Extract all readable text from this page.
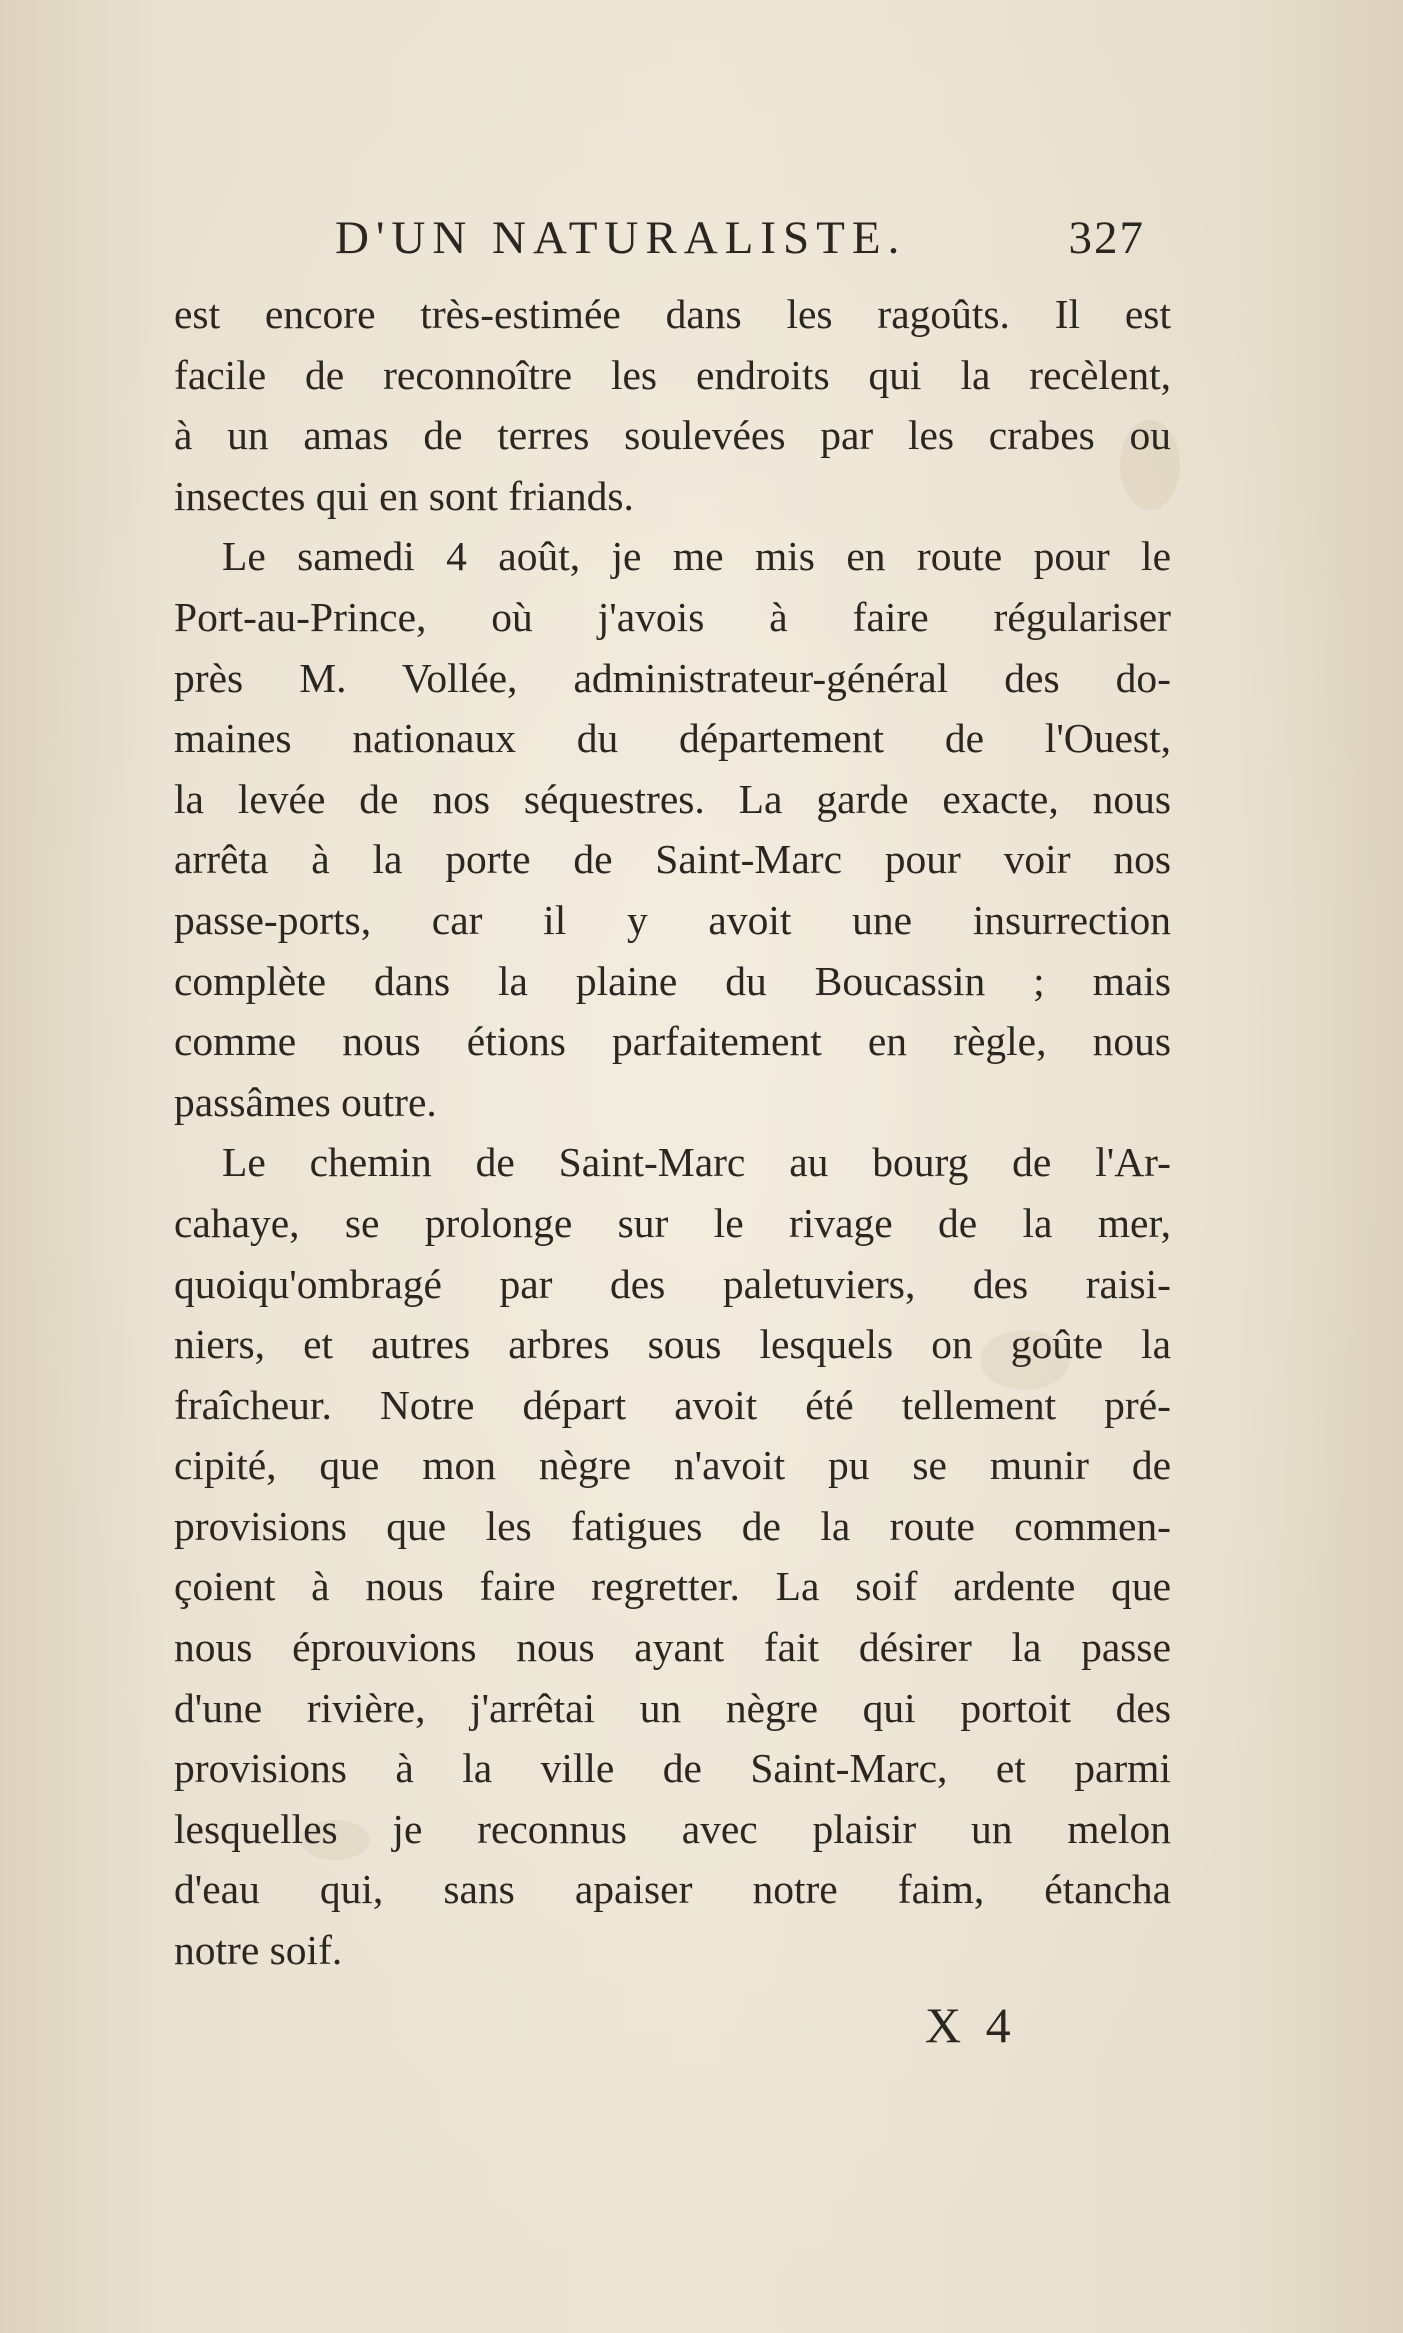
D'UN NATURALISTE.	327
est encore très-estimée dans les ragoûts. Il est
facile de reconnoître les endroits qui la recèlent,
à un amas de terres soulevées par les crabes ou
insectes qui en sont friands.
Le samedi 4 août, je me mis en route pour le
Port-au-Prince, où j'avois à faire régulariser
près M. Vollée, administrateur-général des do-
maines nationaux du département de l'Ouest,
la levée de nos séquestres. La garde exacte, nous
arrêta à la porte de Saint-Marc pour voir nos
passe-ports, car il y avoit une insurrection
complète dans la plaine du Boucassin ; mais
comme nous étions parfaitement en règle, nous
passâmes outre.
Le chemin de Saint-Marc au bourg de l'Ar-
cahaye, se prolonge sur le rivage de la mer,
quoiqu'ombragé par des paletuviers, des raisi-
niers, et autres arbres sous lesquels on goûte la
fraîcheur. Notre départ avoit été tellement pré-
cipité, que mon nègre n'avoit pu se munir de
provisions que les fatigues de la route commen-
çoient à nous faire regretter. La soif ardente que
nous éprouvions nous ayant fait désirer la passe
d'une rivière, j'arrêtai un nègre qui portoit des
provisions à la ville de Saint-Marc, et parmi
lesquelles je reconnus avec plaisir un melon
d'eau qui, sans apaiser notre faim, étancha
notre soif.
X 4
